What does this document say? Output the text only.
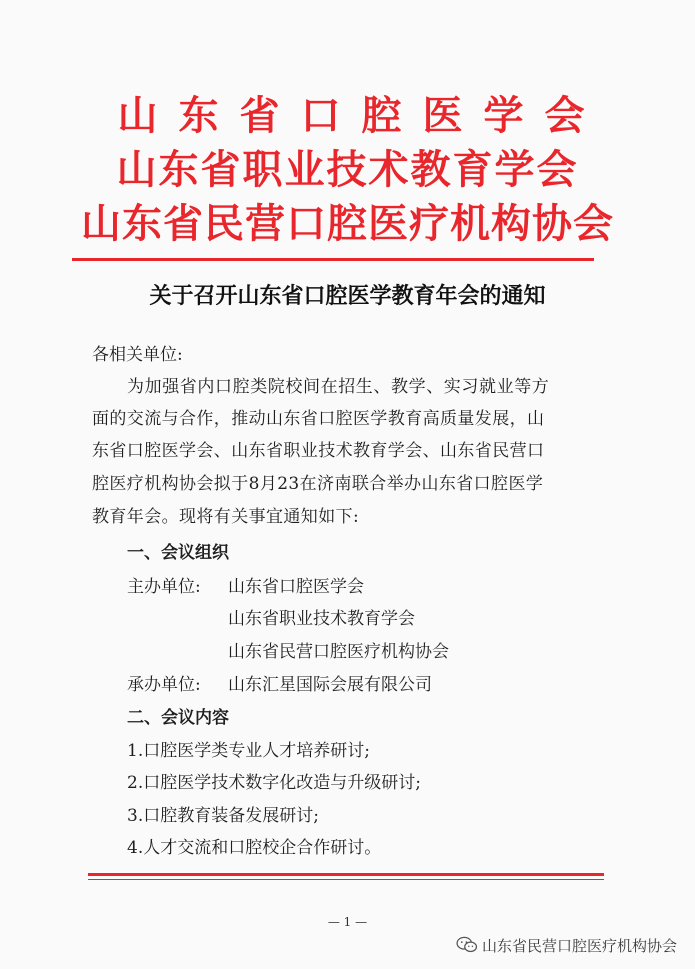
山东省口腔医学会
山东省职业技术教育学会
山东省民营口腔医疗机构协会
关于召开山东省口腔医学教育年会的通知
各相关单位:
为加强省内口腔类院校间在招生、教学、实习就业等方
面的交流与合作，推动山东省口腔医学教育高质量发展，山
东省口腔医学会、山东省职业技术教育学会、山东省民营口
腔医疗机构协会拟于8月23在济南联合举办山东省口腔医学
教育年会。现将有关事宜通知如下:
一、会议组织
主办单位: 山东省口腔医学会
山东省职业技术教育学会
山东省民营口腔医疗机构协会
承办单位: 山东汇星国际会展有限公司
二、会议内容
1.口腔医学类专业人才培养研讨;
2.口腔医学技术数字化改造与升级研讨;
3.口腔教育装备发展研讨;
4.人才交流和口腔校企合作研讨。
— 1 —
山东省民营口腔医疗机构协会
